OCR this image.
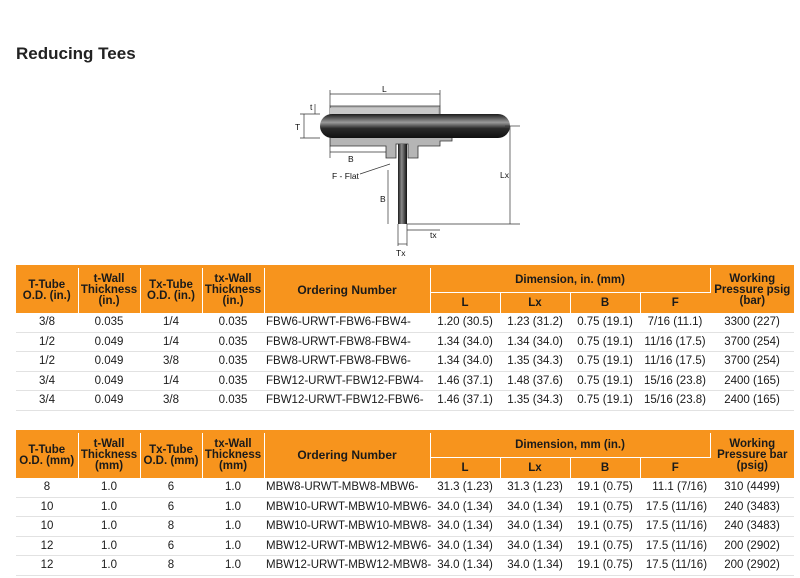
Reducing Tees
L
t
T
B
F - Flat
B
Lx
tx
Tx
T-Tube O.D. (in.)	t-Wall Thickness (in.)	Tx-Tube O.D. (in.)	tx-Wall Thickness (in.)	Ordering Number	Dimension, in. (mm)				Working Pressure psig (bar)
					L	Lx	B	F	
3/8	0.035	1/4	0.035	FBW6-URWT-FBW6-FBW4-	1.20 (30.5)	1.23 (31.2)	0.75 (19.1)	7/16 (11.1)	3300 (227)
1/2	0.049	1/4	0.035	FBW8-URWT-FBW8-FBW4-	1.34 (34.0)	1.34 (34.0)	0.75 (19.1)	11/16 (17.5)	3700 (254)
1/2	0.049	3/8	0.035	FBW8-URWT-FBW8-FBW6-	1.34 (34.0)	1.35 (34.3)	0.75 (19.1)	11/16 (17.5)	3700 (254)
3/4	0.049	1/4	0.035	FBW12-URWT-FBW12-FBW4-	1.46 (37.1)	1.48 (37.6)	0.75 (19.1)	15/16 (23.8)	2400 (165)
3/4	0.049	3/8	0.035	FBW12-URWT-FBW12-FBW6-	1.46 (37.1)	1.35 (34.3)	0.75 (19.1)	15/16 (23.8)	2400 (165)
T-Tube O.D. (mm)	t-Wall Thickness (mm)	Tx-Tube O.D. (mm)	tx-Wall Thickness (mm)	Ordering Number	Dimension, mm (in.)				Working Pressure bar (psig)
					L	Lx	B	F	
8	1.0	6	1.0	MBW8-URWT-MBW8-MBW6-	31.3 (1.23)	31.3 (1.23)	19.1 (0.75)	11.1 (7/16)	310 (4499)
10	1.0	6	1.0	MBW10-URWT-MBW10-MBW6-	34.0 (1.34)	34.0 (1.34)	19.1 (0.75)	17.5 (11/16)	240 (3483)
10	1.0	8	1.0	MBW10-URWT-MBW10-MBW8-	34.0 (1.34)	34.0 (1.34)	19.1 (0.75)	17.5 (11/16)	240 (3483)
12	1.0	6	1.0	MBW12-URWT-MBW12-MBW6-	34.0 (1.34)	34.0 (1.34)	19.1 (0.75)	17.5 (11/16)	200 (2902)
12	1.0	8	1.0	MBW12-URWT-MBW12-MBW8-	34.0 (1.34)	34.0 (1.34)	19.1 (0.75)	17.5 (11/16)	200 (2902)
